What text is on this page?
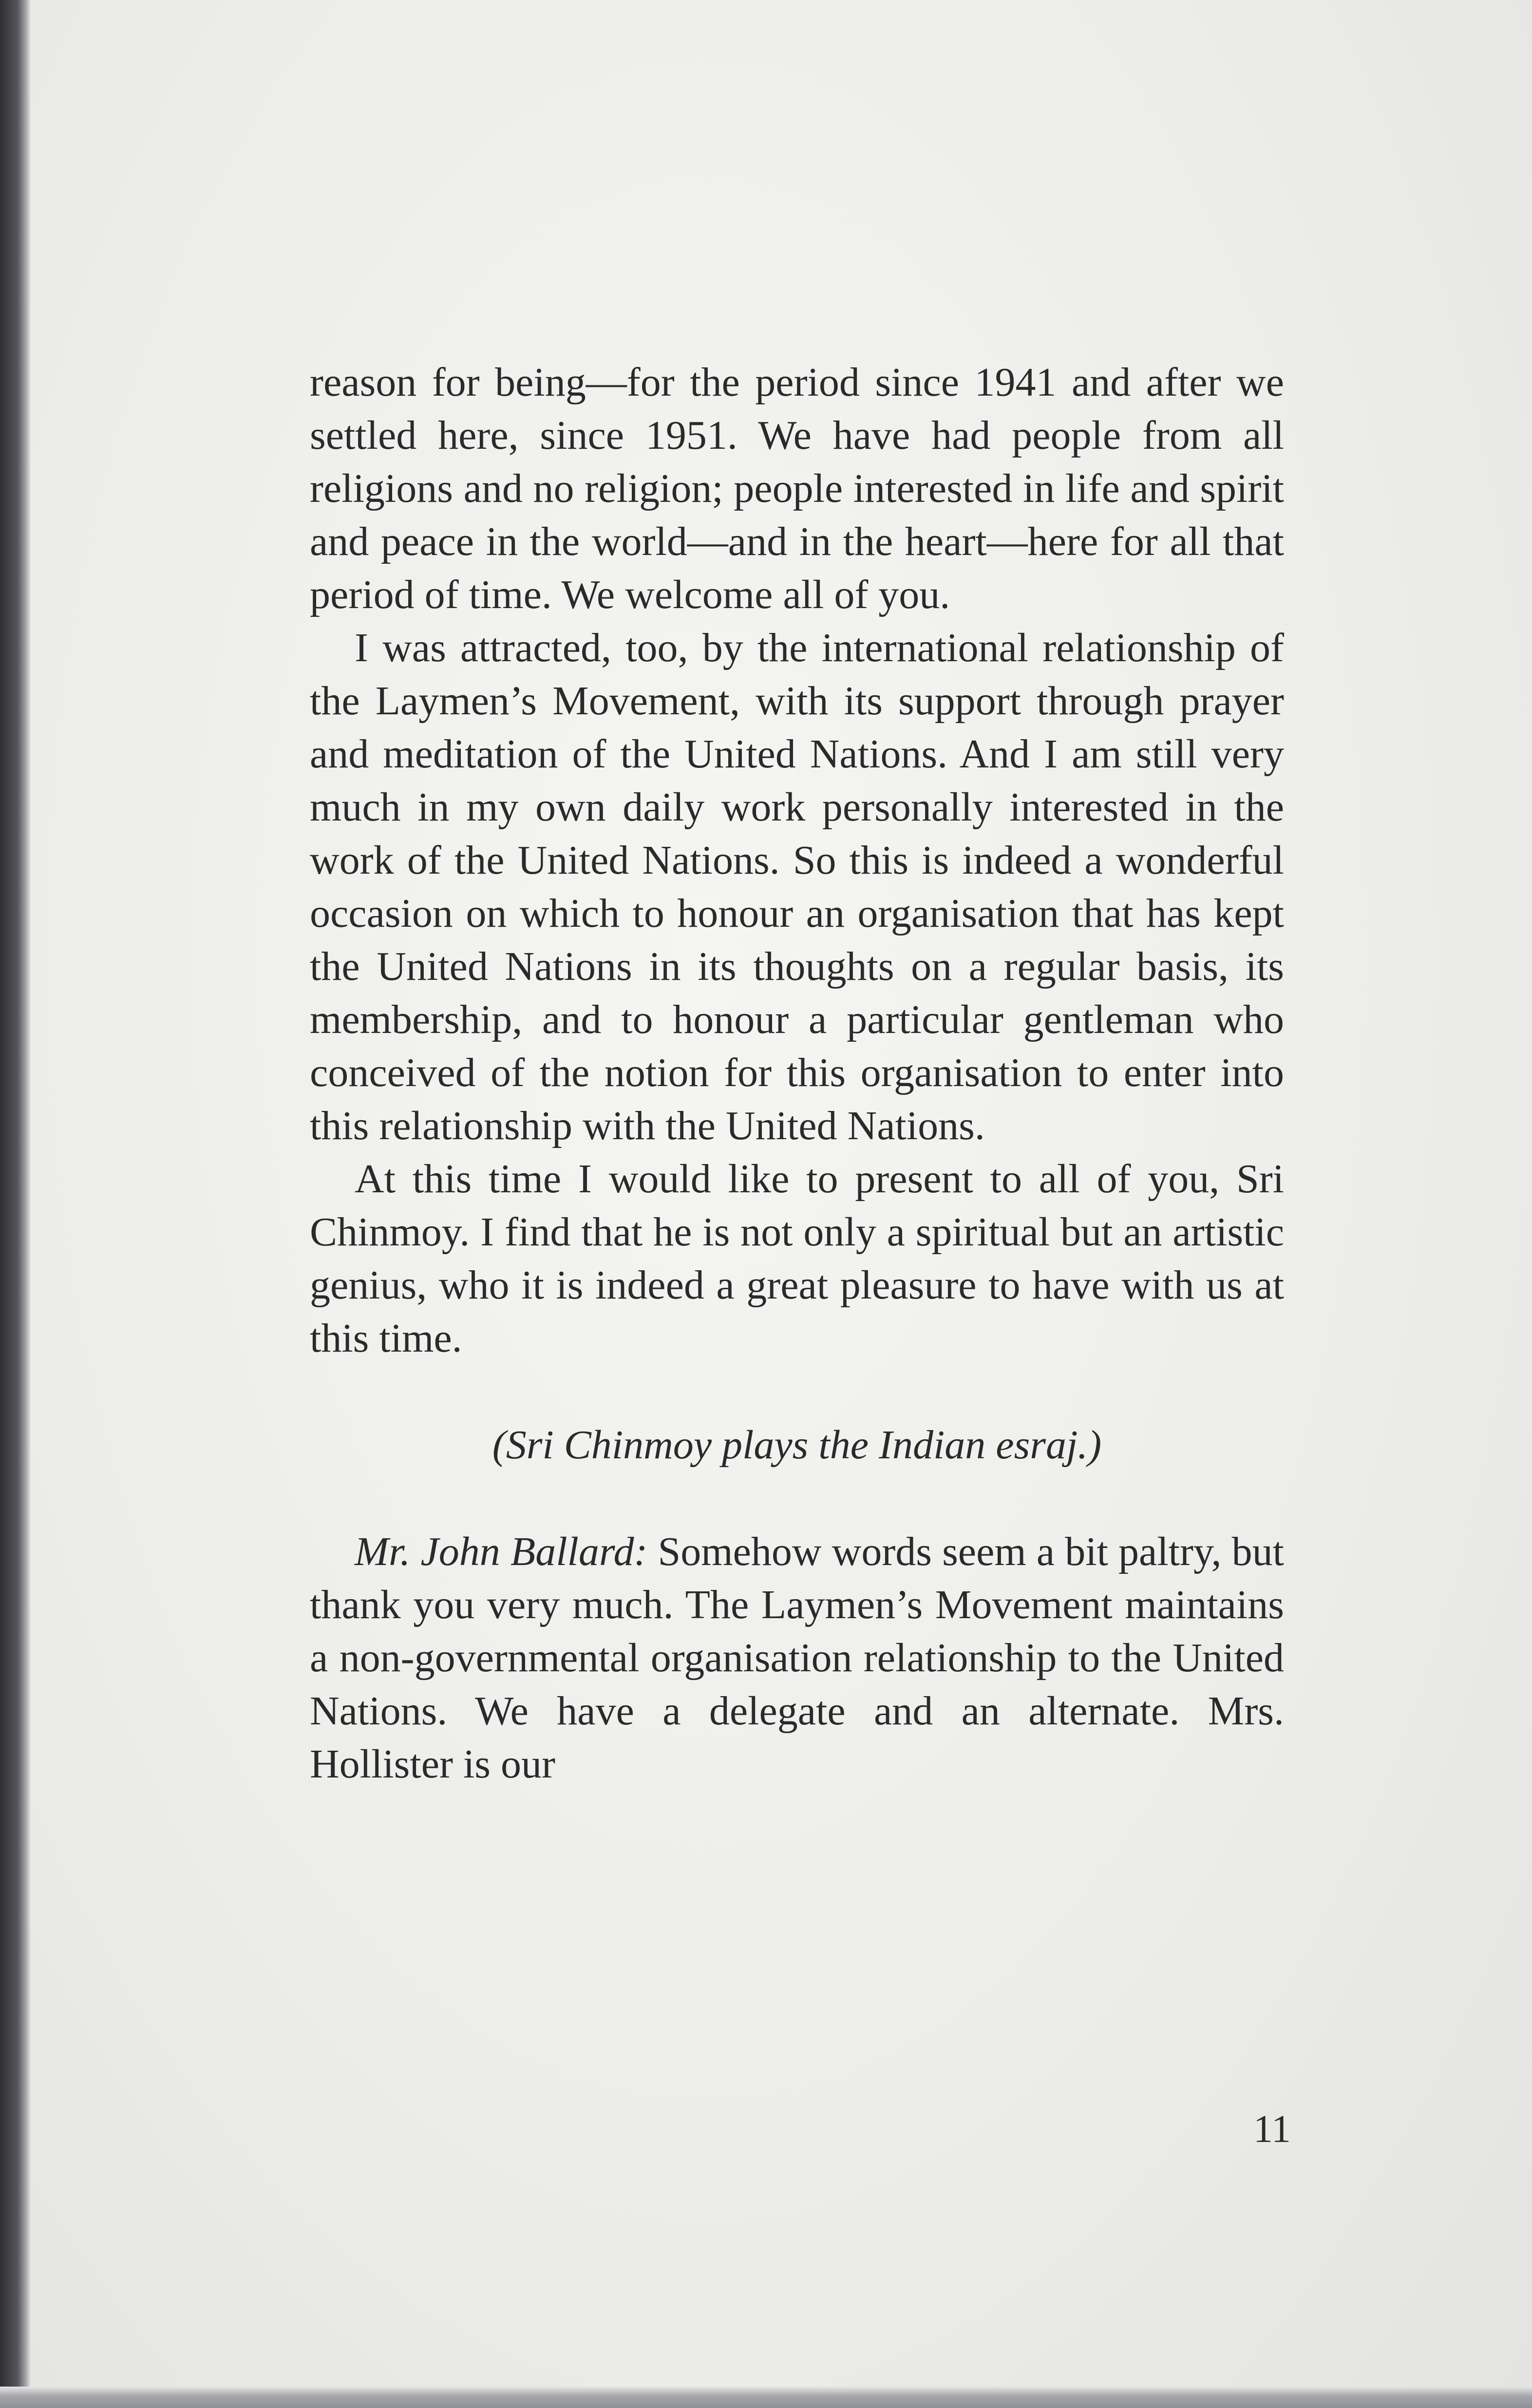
reason for being—for the period since 1941 and after we settled here, since 1951. We have had people from all religions and no religion; people interested in life and spirit and peace in the world—and in the heart—here for all that period of time. We welcome all of you.

I was attracted, too, by the international relationship of the Laymen’s Movement, with its support through prayer and meditation of the United Nations. And I am still very much in my own daily work personally interested in the work of the United Nations. So this is indeed a wonderful occasion on which to honour an organisation that has kept the United Nations in its thoughts on a regular basis, its membership, and to honour a particular gentleman who conceived of the notion for this organisation to enter into this relationship with the United Nations.

At this time I would like to present to all of you, Sri Chinmoy. I find that he is not only a spiritual but an artistic genius, who it is indeed a great pleasure to have with us at this time.

(Sri Chinmoy plays the Indian esraj.)

Mr. John Ballard: Somehow words seem a bit paltry, but thank you very much. The Laymen’s Movement maintains a non-governmental organisation relationship to the United Nations. We have a delegate and an alternate. Mrs. Hollister is our

11
